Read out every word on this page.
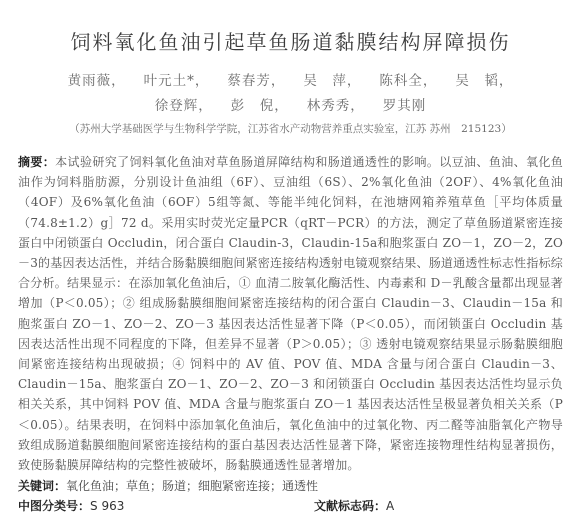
饲料氧化鱼油引起草鱼肠道黏膜结构屏障损伤
黄雨薇， 叶元土*， 蔡春芳， 吴　萍， 陈科全， 吴　韬，
徐登辉， 彭　倪， 林秀秀， 罗其刚
（苏州大学基础医学与生物科学学院，江苏省水产动物营养重点实验室，江苏 苏州　215123）
摘要：本试验研究了饲料氧化鱼油对草鱼肠道屏障结构和肠道通透性的影响。以豆油、鱼油、氧化鱼油作为饲料脂肪源，分别设计鱼油组（6F）、豆油组（6S）、2%氧化鱼油（2OF）、4%氧化鱼油（4OF）及6%氧化鱼油（6OF）5组等氮、等能半纯化饲料，在池塘网箱养殖草鱼［平均体质量（74.8±1.2）g］72 d。采用实时荧光定量PCR（qRT－PCR）的方法，测定了草鱼肠道紧密连接蛋白中闭锁蛋白 Occludin，闭合蛋白 Claudin-3，Claudin-15a和胞浆蛋白 ZO－1，ZO－2，ZO－3的基因表达活性，并结合肠黏膜细胞间紧密连接结构透射电镜观察结果、肠道通透性标志性指标综合分析。结果显示：在添加氧化鱼油后，① 血清二胺氧化酶活性、内毒素和 D－乳酸含量都出现显著增加（P＜0.05）；② 组成肠黏膜细胞间紧密连接结构的闭合蛋白 Claudin－3、Claudin－15a 和胞浆蛋白 ZO－1、ZO－2、ZO－3 基因表达活性显著下降（P＜0.05），而闭锁蛋白 Occludin 基因表达活性出现不同程度的下降，但差异不显著（P＞0.05）；③ 透射电镜观察结果显示肠黏膜细胞间紧密连接结构出现破损；④ 饲料中的 AV 值、POV 值、MDA 含量与闭合蛋白 Claudin－3、Claudin－15a、胞浆蛋白 ZO－1、ZO－2、ZO－3 和闭锁蛋白 Occludin 基因表达活性均显示负相关关系，其中饲料 POV 值、MDA 含量与胞浆蛋白 ZO－1 基因表达活性呈极显著负相关关系（P＜0.05）。结果表明，在饲料中添加氧化鱼油后，氧化鱼油中的过氧化物、丙二醛等油脂氧化产物导致组成肠道黏膜细胞间紧密连接结构的蛋白基因表达活性显著下降，紧密连接物理性结构显著损伤，致使肠黏膜屏障结构的完整性被破坏，肠黏膜通透性显著增加。
关键词：氧化鱼油；草鱼；肠道；细胞紧密连接；通透性
中图分类号：S 963	文献标志码：A
